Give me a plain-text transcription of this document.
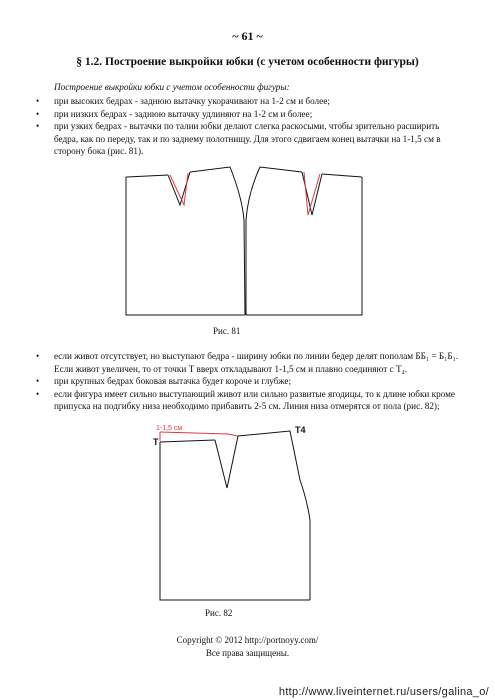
~ 61 ~
§ 1.2. Построение выкройки юбки (с учетом особенности фигуры)
Построение выкройки юбки с учетом особенности фигуры:
• при высоких бедрах - заднюю вытачку укорачивают на 1-2 см и более;
• при низких бедрах - заднюю вытачку удлиняют на 1-2 см и более;
• при узких бедрах - вытачки по талии юбки делают слегка раскосыми, чтобы зрительно расширить бедра, как по переду, так и по заднему полотнищу. Для этого сдвигаем конец вытачки на 1-1,5 см в сторону бока (рис. 81).
Рис. 81
• если живот отсутствует, но выступают бедра - ширину юбки по линии бедер делят пополам ББ₁ = Б₁Б₁. Если живот увеличен, то от точки Т вверх откладывают 1-1,5 см и плавно соединяют с Т₄.
• при крупных бедрах боковая вытачка будет короче и глубже;
• если фигура имеет сильно выступающий живот или сильно развитые ягодицы, то к длине юбки кроме припуска на подгибку низа необходимо прибавить 2-5 см. Линия низа отмерятся от пола (рис. 82);
1-1,5 см
T
T4
Рис. 82
Copyright © 2012 http://portnoyy.com/
Все права защищены.
http://www.liveinternet.ru/users/galina_o/
